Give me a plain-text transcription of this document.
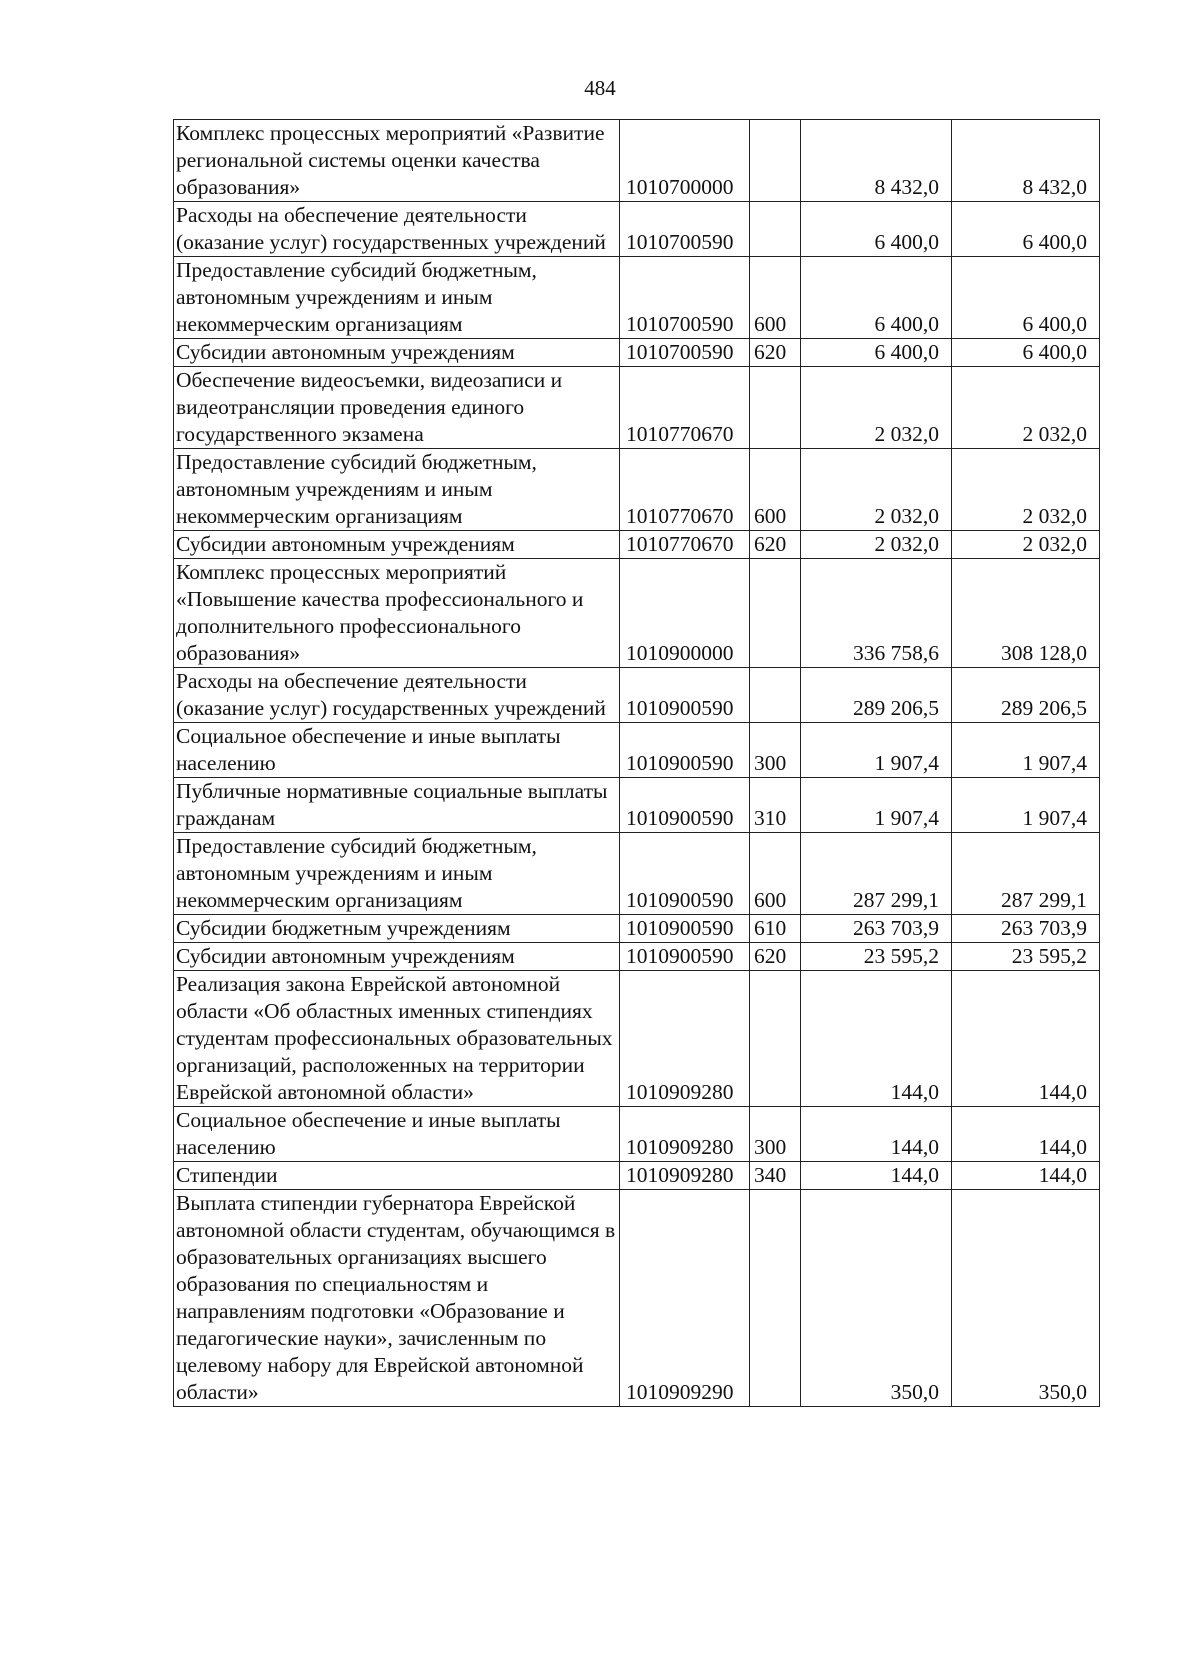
484
Комплекс процессных мероприятий «Развитие региональной системы оценки качества образования»	1010700000		8 432,0	8 432,0
Расходы на обеспечение деятельности (оказание услуг) государственных учреждений	1010700590		6 400,0	6 400,0
Предоставление субсидий бюджетным, автономным учреждениям и иным некоммерческим организациям	1010700590	600	6 400,0	6 400,0
Субсидии автономным учреждениям	1010700590	620	6 400,0	6 400,0
Обеспечение видеосъемки, видеозаписи и видеотрансляции проведения единого государственного экзамена	1010770670		2 032,0	2 032,0
Предоставление субсидий бюджетным, автономным учреждениям и иным некоммерческим организациям	1010770670	600	2 032,0	2 032,0
Субсидии автономным учреждениям	1010770670	620	2 032,0	2 032,0
Комплекс процессных мероприятий «Повышение качества профессионального и дополнительного профессионального образования»	1010900000		336 758,6	308 128,0
Расходы на обеспечение деятельности (оказание услуг) государственных учреждений	1010900590		289 206,5	289 206,5
Социальное обеспечение и иные выплаты населению	1010900590	300	1 907,4	1 907,4
Публичные нормативные социальные выплаты гражданам	1010900590	310	1 907,4	1 907,4
Предоставление субсидий бюджетным, автономным учреждениям и иным некоммерческим организациям	1010900590	600	287 299,1	287 299,1
Субсидии бюджетным учреждениям	1010900590	610	263 703,9	263 703,9
Субсидии автономным учреждениям	1010900590	620	23 595,2	23 595,2
Реализация закона Еврейской автономной области «Об областных именных стипендиях студентам профессиональных образовательных организаций, расположенных на территории Еврейской автономной области»	1010909280		144,0	144,0
Социальное обеспечение и иные выплаты населению	1010909280	300	144,0	144,0
Стипендии	1010909280	340	144,0	144,0
Выплата стипендии губернатора Еврейской автономной области студентам, обучающимся в образовательных организациях высшего образования по специальностям и направлениям подготовки «Образование и педагогические науки», зачисленным по целевому набору для Еврейской автономной области»	1010909290		350,0	350,0
